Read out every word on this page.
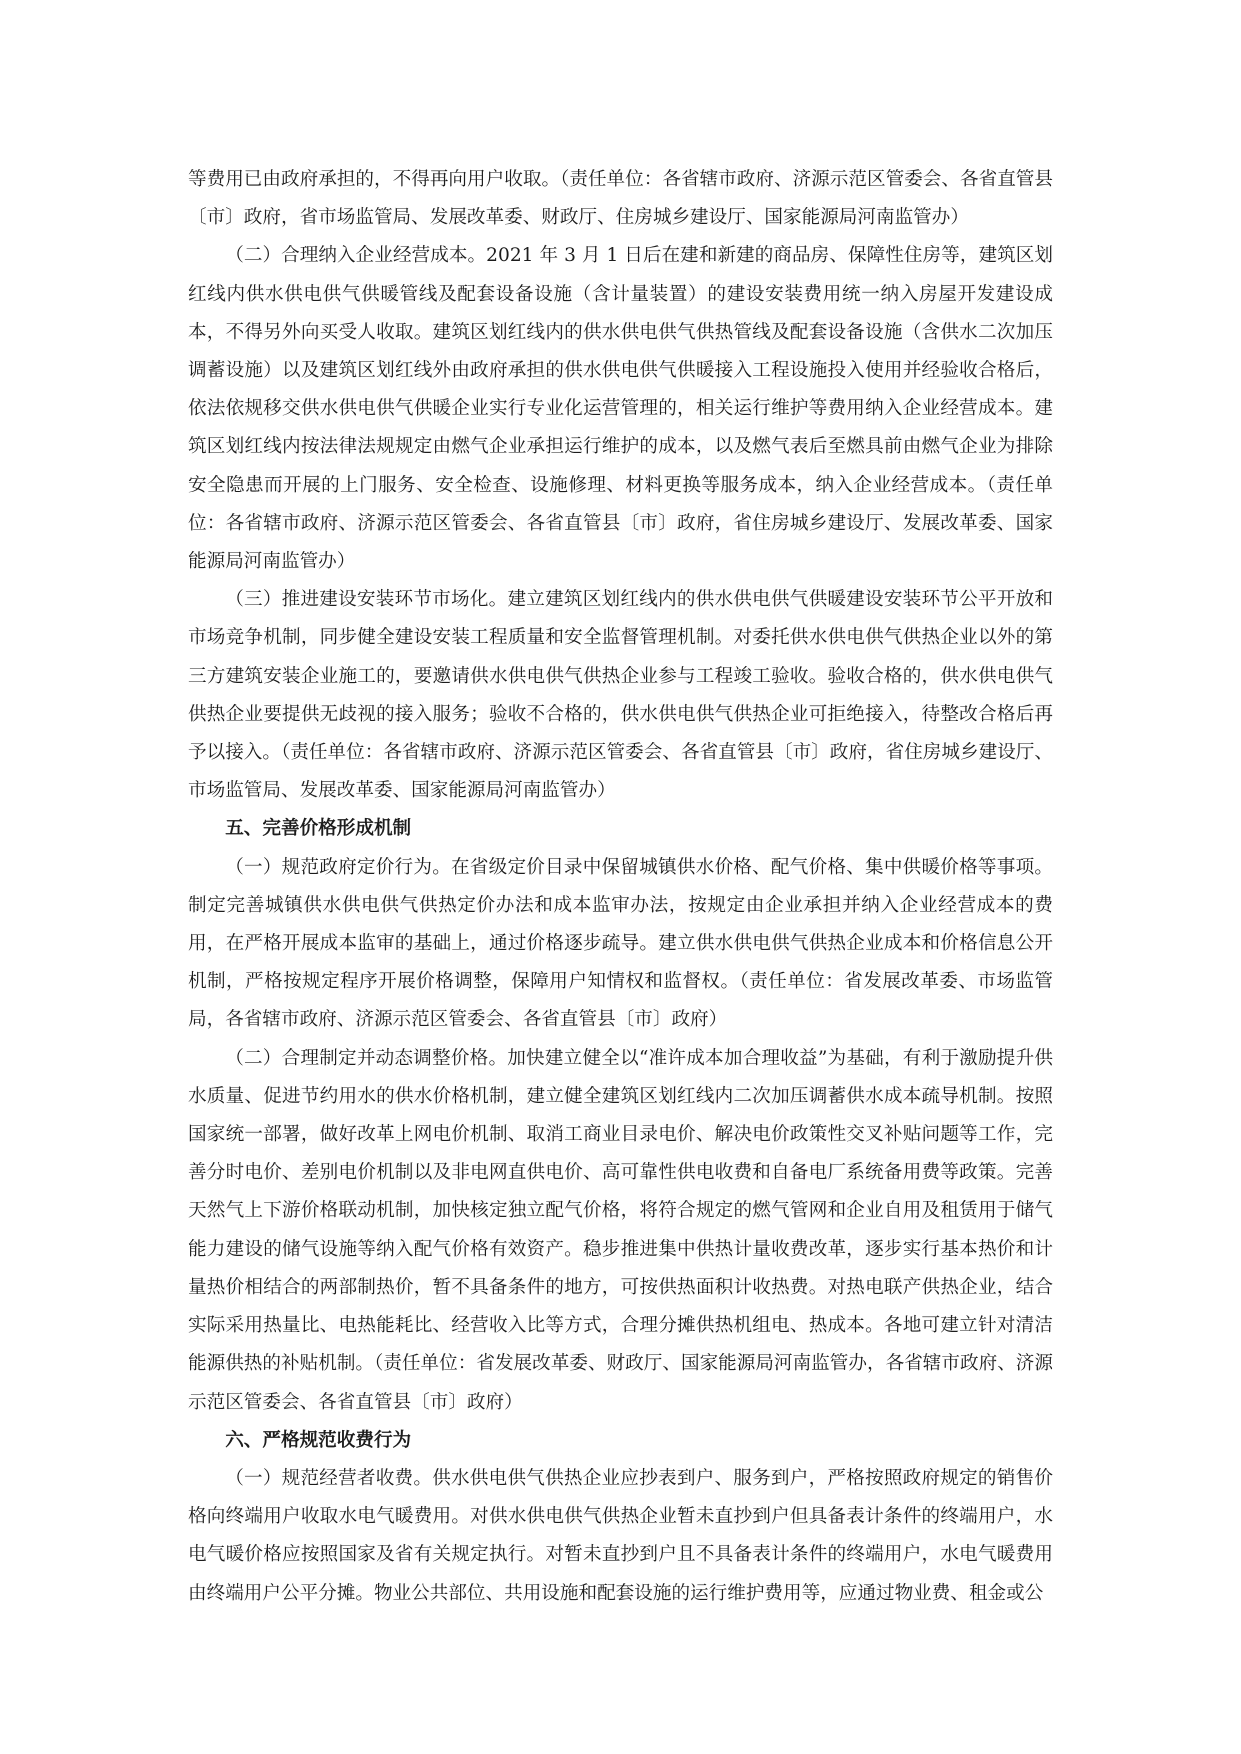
等费用已由政府承担的，不得再向用户收取。（责任单位：各省辖市政府、济源示范区管委会、各省直管县〔市〕政府，省市场监管局、发展改革委、财政厅、住房城乡建设厅、国家能源局河南监管办）

（二）合理纳入企业经营成本。2021 年 3 月 1 日后在建和新建的商品房、保障性住房等，建筑区划红线内供水供电供气供暖管线及配套设备设施（含计量装置）的建设安装费用统一纳入房屋开发建设成本，不得另外向买受人收取。建筑区划红线内的供水供电供气供热管线及配套设备设施（含供水二次加压调蓄设施）以及建筑区划红线外由政府承担的供水供电供气供暖接入工程设施投入使用并经验收合格后，依法依规移交供水供电供气供暖企业实行专业化运营管理的，相关运行维护等费用纳入企业经营成本。建筑区划红线内按法律法规规定由燃气企业承担运行维护的成本，以及燃气表后至燃具前由燃气企业为排除安全隐患而开展的上门服务、安全检查、设施修理、材料更换等服务成本，纳入企业经营成本。（责任单位：各省辖市政府、济源示范区管委会、各省直管县〔市〕政府，省住房城乡建设厅、发展改革委、国家能源局河南监管办）

（三）推进建设安装环节市场化。建立建筑区划红线内的供水供电供气供暖建设安装环节公平开放和市场竞争机制，同步健全建设安装工程质量和安全监督管理机制。对委托供水供电供气供热企业以外的第三方建筑安装企业施工的，要邀请供水供电供气供热企业参与工程竣工验收。验收合格的，供水供电供气供热企业要提供无歧视的接入服务；验收不合格的，供水供电供气供热企业可拒绝接入，待整改合格后再予以接入。（责任单位：各省辖市政府、济源示范区管委会、各省直管县〔市〕政府，省住房城乡建设厅、市场监管局、发展改革委、国家能源局河南监管办）

五、完善价格形成机制

（一）规范政府定价行为。在省级定价目录中保留城镇供水价格、配气价格、集中供暖价格等事项。制定完善城镇供水供电供气供热定价办法和成本监审办法，按规定由企业承担并纳入企业经营成本的费用，在严格开展成本监审的基础上，通过价格逐步疏导。建立供水供电供气供热企业成本和价格信息公开机制，严格按规定程序开展价格调整，保障用户知情权和监督权。（责任单位：省发展改革委、市场监管局，各省辖市政府、济源示范区管委会、各省直管县〔市〕政府）

（二）合理制定并动态调整价格。加快建立健全以“准许成本加合理收益”为基础，有利于激励提升供水质量、促进节约用水的供水价格机制，建立健全建筑区划红线内二次加压调蓄供水成本疏导机制。按照国家统一部署，做好改革上网电价机制、取消工商业目录电价、解决电价政策性交叉补贴问题等工作，完善分时电价、差别电价机制以及非电网直供电价、高可靠性供电收费和自备电厂系统备用费等政策。完善天然气上下游价格联动机制，加快核定独立配气价格，将符合规定的燃气管网和企业自用及租赁用于储气能力建设的储气设施等纳入配气价格有效资产。稳步推进集中供热计量收费改革，逐步实行基本热价和计量热价相结合的两部制热价，暂不具备条件的地方，可按供热面积计收热费。对热电联产供热企业，结合实际采用热量比、电热能耗比、经营收入比等方式，合理分摊供热机组电、热成本。各地可建立针对清洁能源供热的补贴机制。（责任单位：省发展改革委、财政厅、国家能源局河南监管办，各省辖市政府、济源示范区管委会、各省直管县〔市〕政府）

六、严格规范收费行为

（一）规范经营者收费。供水供电供气供热企业应抄表到户、服务到户，严格按照政府规定的销售价格向终端用户收取水电气暖费用。对供水供电供气供热企业暂未直抄到户但具备表计条件的终端用户，水电气暖价格应按照国家及省有关规定执行。对暂未直抄到户且不具备表计条件的终端用户，水电气暖费用由终端用户公平分摊。物业公共部位、共用设施和配套设施的运行维护费用等，应通过物业费、租金或公
